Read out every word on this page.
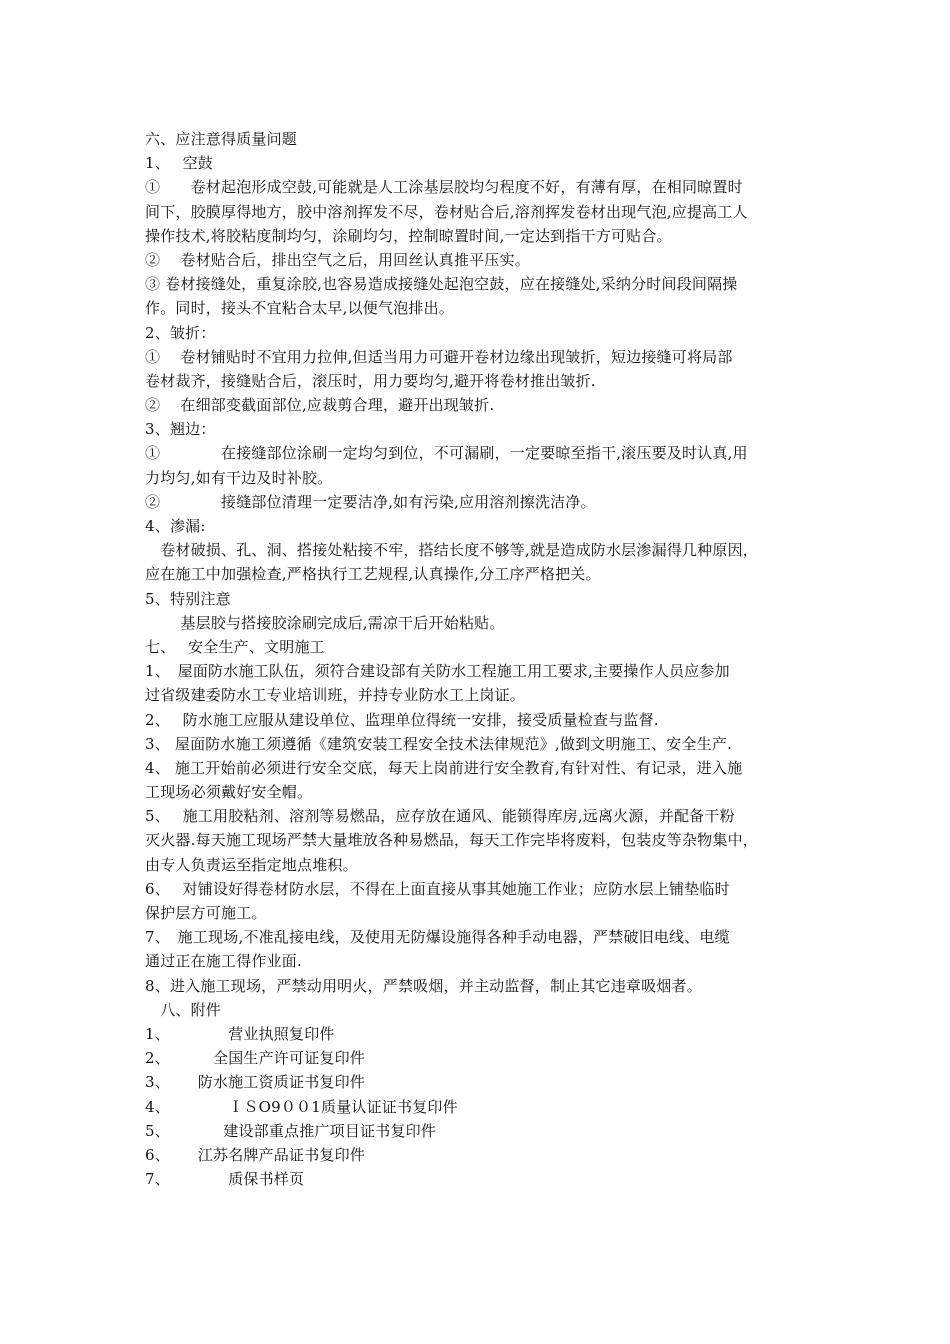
六、应注意得质量问题
1、　 空鼓
①　　卷材起泡形成空鼓,可能就是人工涂基层胶均匀程度不好，有薄有厚，在相同晾置时
间下，胶膜厚得地方，胶中溶剂挥发不尽，卷材贴合后,溶剂挥发卷材出现气泡,应提高工人
操作技术,将胶粘度制均匀，涂刷均匀，控制晾置时间,一定达到指干方可贴合。
②　 卷材贴合后，排出空气之后，用回丝认真推平压实。
③ 卷材接缝处，重复涂胶,也容易造成接缝处起泡空鼓，应在接缝处,采纳分时间段间隔操
作。同时，接头不宜粘合太早,以便气泡排出。
2、皱折：
①　 卷材铺贴时不宜用力拉伸,但适当用力可避开卷材边缘出现皱折，短边接缝可将局部
卷材裁齐，接缝贴合后，滚压时，用力要均匀,避开将卷材推出皱折.
②　 在细部变截面部位,应裁剪合理，避开出现皱折.
3、翘边：
①　　　　在接缝部位涂刷一定均匀到位，不可漏刷，一定要晾至指干,滚压要及时认真,用
力均匀,如有干边及时补胶。
②　　　　接缝部位清理一定要洁净,如有污染,应用溶剂擦洗洁净。
4、渗漏:
　卷材破损、孔、洞、搭接处粘接不牢，搭结长度不够等,就是造成防水层渗漏得几种原因，
应在施工中加强检查,严格执行工艺规程,认真操作,分工序严格把关。
5、特别注意
　　 基层胶与搭接胶涂刷完成后,需凉干后开始粘贴。
七、　 安全生产、文明施工
1、　屋面防水施工队伍，须符合建设部有关防水工程施工用工要求,主要操作人员应参加
过省级建委防水工专业培训班，并持专业防水工上岗证。
2、　 防水施工应服从建设单位、监理单位得统一安排，接受质量检查与监督.
3、 屋面防水施工须遵循《建筑安装工程安全技术法律规范》,做到文明施工、安全生产.
4、 施工开始前必须进行安全交底，每天上岗前进行安全教育,有针对性、有记录，进入施
工现场必须戴好安全帽。
5、　 施工用胶粘剂、溶剂等易燃品，应存放在通风、能锁得库房,远离火源，并配备干粉
灭火器.每天施工现场严禁大量堆放各种易燃品，每天工作完毕将废料，包装皮等杂物集中，
由专人负责运至指定地点堆积。
6、　 对铺设好得卷材防水层，不得在上面直接从事其她施工作业；应防水层上铺垫临时
保护层方可施工。
7、　施工现场,不准乱接电线，及使用无防爆设施得各种手动电器，严禁破旧电线、电缆
通过正在施工得作业面.
8、进入施工现场，严禁动用明火，严禁吸烟，并主动监督，制止其它违章吸烟者。
　八、附件
1、　　　　 营业执照复印件
2、　　　 全国生产许可证复印件
3、　　 防水施工资质证书复印件
4、　　　　 ＩＳO9００1质量认证证书复印件
5、　　　　建设部重点推广项目证书复印件
6、　　 江苏名牌产品证书复印件
7、　　　　 质保书样页
